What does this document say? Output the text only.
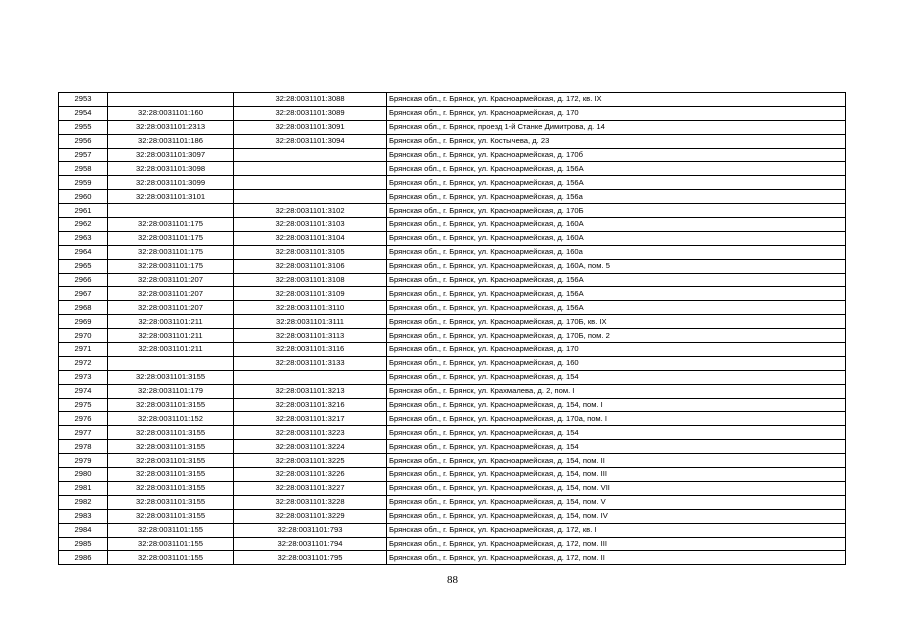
2953		32:28:0031101:3088	Брянская обл., г. Брянск, ул. Красноармейская, д. 172, кв. IX
2954	32:28:0031101:160	32:28:0031101:3089	Брянская обл., г. Брянск, ул. Красноармейская, д. 170
2955	32:28:0031101:2313	32:28:0031101:3091	Брянская обл., г. Брянск, проезд 1-й Станке Димитрова, д. 14
2956	32:28:0031101:186	32:28:0031101:3094	Брянская обл., г. Брянск, ул. Костычева, д. 23
2957	32:28:0031101:3097		Брянская обл., г. Брянск, ул. Красноармейская, д. 170б
2958	32:28:0031101:3098		Брянская обл., г. Брянск, ул. Красноармейская, д. 156А
2959	32:28:0031101:3099		Брянская обл., г. Брянск, ул. Красноармейская, д. 156А
2960	32:28:0031101:3101		Брянская обл., г. Брянск, ул. Красноармейская, д. 156а
2961		32:28:0031101:3102	Брянская обл., г. Брянск, ул. Красноармейская, д. 170Б
2962	32:28:0031101:175	32:28:0031101:3103	Брянская обл., г. Брянск, ул. Красноармейская, д. 160А
2963	32:28:0031101:175	32:28:0031101:3104	Брянская обл., г. Брянск, ул. Красноармейская, д. 160А
2964	32:28:0031101:175	32:28:0031101:3105	Брянская обл., г. Брянск, ул. Красноармейская, д. 160а
2965	32:28:0031101:175	32:28:0031101:3106	Брянская обл., г. Брянск, ул. Красноармейская, д. 160А, пом. 5
2966	32:28:0031101:207	32:28:0031101:3108	Брянская обл., г. Брянск, ул. Красноармейская, д. 156А
2967	32:28:0031101:207	32:28:0031101:3109	Брянская обл., г. Брянск, ул. Красноармейская, д. 156А
2968	32:28:0031101:207	32:28:0031101:3110	Брянская обл., г. Брянск, ул. Красноармейская, д. 156А
2969	32:28:0031101:211	32:28:0031101:3111	Брянская обл., г. Брянск, ул. Красноармейская, д. 170Б, кв. IX
2970	32:28:0031101:211	32:28:0031101:3113	Брянская обл., г. Брянск, ул. Красноармейская, д. 170Б, пом. 2
2971	32:28:0031101:211	32:28:0031101:3116	Брянская обл., г. Брянск, ул. Красноармейская, д. 170
2972		32:28:0031101:3133	Брянская обл., г. Брянск, ул. Красноармейская, д. 160
2973	32:28:0031101:3155		Брянская обл., г. Брянск, ул. Красноармейская, д. 154
2974	32:28:0031101:179	32:28:0031101:3213	Брянская обл., г. Брянск, ул. Крахмалева, д. 2, пом. I
2975	32:28:0031101:3155	32:28:0031101:3216	Брянская обл., г. Брянск, ул. Красноармейская, д. 154, пом. I
2976	32:28:0031101:152	32:28:0031101:3217	Брянская обл., г. Брянск, ул. Красноармейская, д. 170а, пом. I
2977	32:28:0031101:3155	32:28:0031101:3223	Брянская обл., г. Брянск, ул. Красноармейская, д. 154
2978	32:28:0031101:3155	32:28:0031101:3224	Брянская обл., г. Брянск, ул. Красноармейская, д. 154
2979	32:28:0031101:3155	32:28:0031101:3225	Брянская обл., г. Брянск, ул. Красноармейская, д. 154, пом. II
2980	32:28:0031101:3155	32:28:0031101:3226	Брянская обл., г. Брянск, ул. Красноармейская, д. 154, пом. III
2981	32:28:0031101:3155	32:28:0031101:3227	Брянская обл., г. Брянск, ул. Красноармейская, д. 154, пом. VII
2982	32:28:0031101:3155	32:28:0031101:3228	Брянская обл., г. Брянск, ул. Красноармейская, д. 154, пом. V
2983	32:28:0031101:3155	32:28:0031101:3229	Брянская обл., г. Брянск, ул. Красноармейская, д. 154, пом. IV
2984	32:28:0031101:155	32:28:0031101:793	Брянская обл., г. Брянск, ул. Красноармейская, д. 172, кв. I
2985	32:28:0031101:155	32:28:0031101:794	Брянская обл., г. Брянск, ул. Красноармейская, д. 172, пом. III
2986	32:28:0031101:155	32:28:0031101:795	Брянская обл., г. Брянск, ул. Красноармейская, д. 172, пом. II
88
